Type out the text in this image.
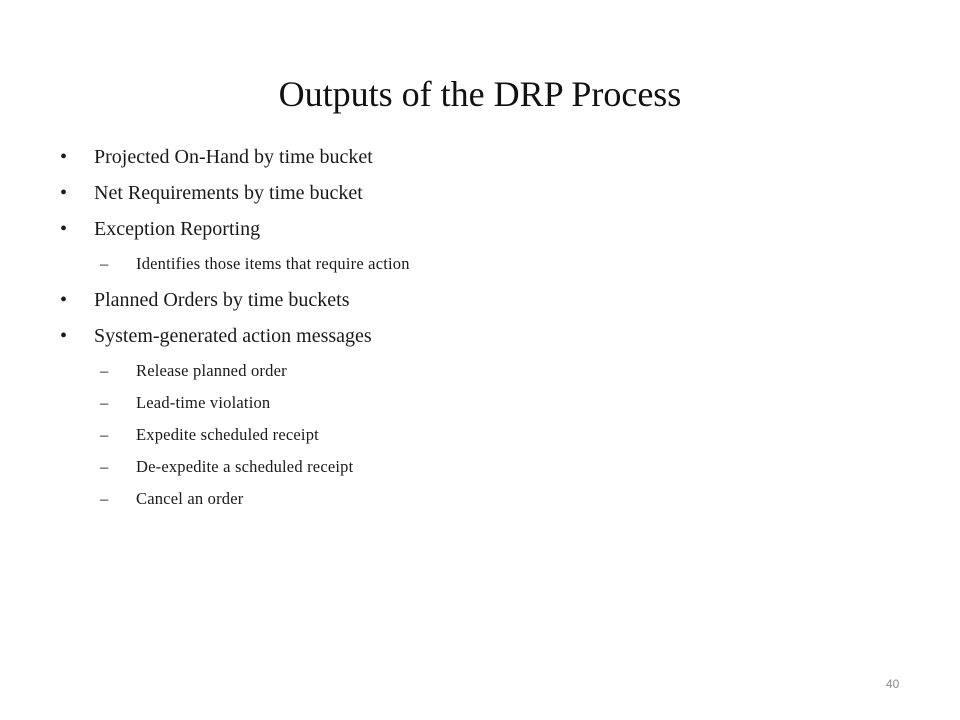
Outputs of the DRP Process
• Projected On-Hand by time bucket
• Net Requirements by time bucket
• Exception Reporting
– Identifies those items that require action
• Planned Orders by time buckets
• System-generated action messages
– Release planned order
– Lead-time violation
– Expedite scheduled receipt
– De-expedite a scheduled receipt
– Cancel an order
40
